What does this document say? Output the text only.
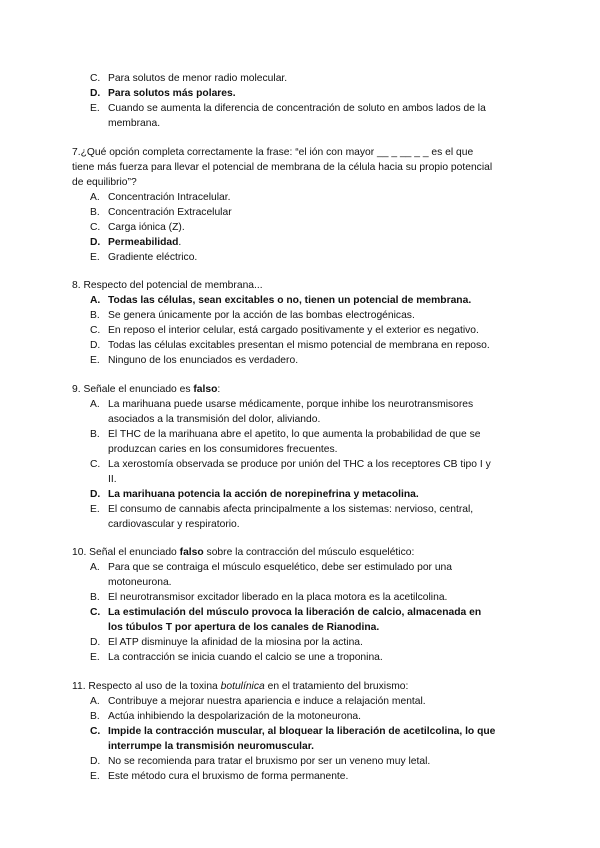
C. Para solutos de menor radio molecular.
D. Para solutos más polares.
E. Cuando se aumenta la diferencia de concentración de soluto en ambos lados de la
membrana.
7.¿Qué opción completa correctamente la frase: “el ión con mayor __ _ __ _ _ es el que
tiene más fuerza para llevar el potencial de membrana de la célula hacia su propio potencial
de equilibrio”?
A. Concentración Intracelular.
B. Concentración Extracelular
C. Carga iónica (Z).
D. Permeabilidad.
E. Gradiente eléctrico.
8. Respecto del potencial de membrana...
A. Todas las células, sean excitables o no, tienen un potencial de membrana.
B. Se genera únicamente por la acción de las bombas electrogénicas.
C. En reposo el interior celular, está cargado positivamente y el exterior es negativo.
D. Todas las células excitables presentan el mismo potencial de membrana en reposo.
E. Ninguno de los enunciados es verdadero.
9. Señale el enunciado es falso:
A. La marihuana puede usarse médicamente, porque inhibe los neurotransmisores
asociados a la transmisión del dolor, aliviando.
B. El THC de la marihuana abre el apetito, lo que aumenta la probabilidad de que se
produzcan caries en los consumidores frecuentes.
C. La xerostomía observada se produce por unión del THC a los receptores CB tipo I y
II.
D. La marihuana potencia la acción de norepinefrina y metacolina.
E. El consumo de cannabis afecta principalmente a los sistemas: nervioso, central,
cardiovascular y respiratorio.
10. Señal el enunciado falso sobre la contracción del músculo esquelético:
A. Para que se contraiga el músculo esquelético, debe ser estimulado por una
motoneurona.
B. El neurotransmisor excitador liberado en la placa motora es la acetilcolina.
C. La estimulación del músculo provoca la liberación de calcio, almacenada en
los túbulos T por apertura de los canales de Rianodina.
D. El ATP disminuye la afinidad de la miosina por la actina.
E. La contracción se inicia cuando el calcio se une a troponina.
11. Respecto al uso de la toxina botulínica en el tratamiento del bruxismo:
A. Contribuye a mejorar nuestra apariencia e induce a relajación mental.
B. Actúa inhibiendo la despolarización de la motoneurona.
C. Impide la contracción muscular, al bloquear la liberación de acetilcolina, lo que
interrumpe la transmisión neuromuscular.
D. No se recomienda para tratar el bruxismo por ser un veneno muy letal.
E. Este método cura el bruxismo de forma permanente.
